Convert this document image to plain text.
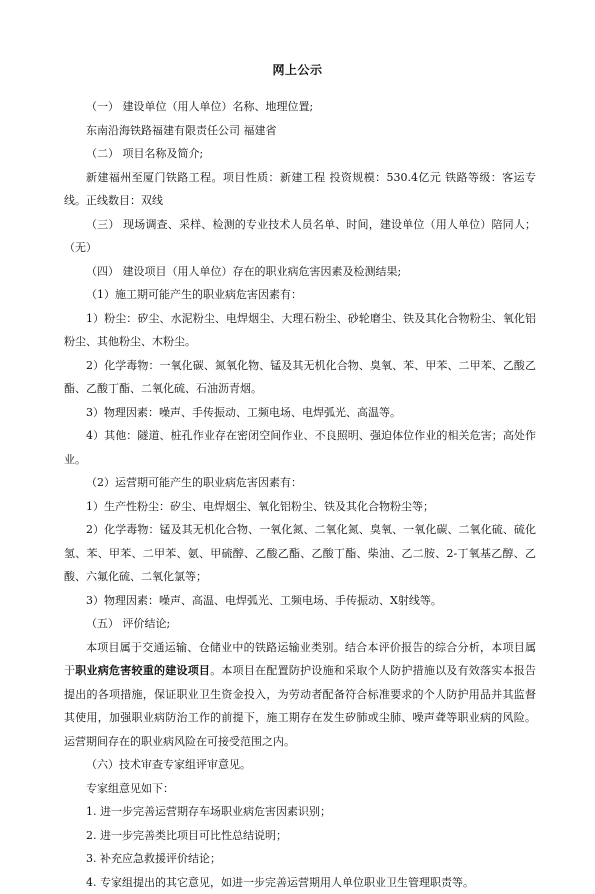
网上公示

（一） 建设单位（用人单位）名称、地理位置;

东南沿海铁路福建有限责任公司 福建省

（二） 项目名称及简介;

新建福州至厦门铁路工程。项目性质：新建工程 投资规模：530.4亿元 铁路等级：客运专线。正线数目：双线

（三） 现场调查、采样、检测的专业技术人员名单、时间，建设单位（用人单位）陪同人；（无）

（四） 建设项目（用人单位）存在的职业病危害因素及检测结果;

（1）施工期可能产生的职业病危害因素有：

1）粉尘：矽尘、水泥粉尘、电焊烟尘、大理石粉尘、砂轮磨尘、铁及其化合物粉尘、氧化铝粉尘、其他粉尘、木粉尘。

2）化学毒物：一氧化碳、氮氧化物、锰及其无机化合物、臭氧、苯、甲苯、二甲苯、乙酸乙酯、乙酸丁酯、二氧化硫、石油沥青烟。

3）物理因素：噪声、手传振动、工频电场、电焊弧光、高温等。

4）其他：隧道、桩孔作业存在密闭空间作业、不良照明、强迫体位作业的相关危害；高处作业。

（2）运营期可能产生的职业病危害因素有：

1）生产性粉尘：矽尘、电焊烟尘、氧化铝粉尘、铁及其化合物粉尘等；

2）化学毒物：锰及其无机化合物、一氧化氮、二氧化氮、臭氧、一氧化碳、二氧化硫、硫化氢、苯、甲苯、二甲苯、氨、甲硫醇、乙酸乙酯、乙酸丁酯、柴油、乙二胺、2-丁氧基乙醇、乙酸、六氟化硫、二氧化氯等；

3）物理因素：噪声、高温、电焊弧光、工频电场、手传振动、X射线等。

（五） 评价结论;

本项目属于交通运输、仓储业中的铁路运输业类别。结合本评价报告的综合分析，本项目属于职业病危害较重的建设项目。本项目在配置防护设施和采取个人防护措施以及有效落实本报告提出的各项措施，保证职业卫生资金投入，为劳动者配备符合标准要求的个人防护用品并其监督其使用，加强职业病防治工作的前提下，施工期存在发生矽肺或尘肺、噪声聋等职业病的风险。运营期间存在的职业病风险在可接受范围之内。

（六）技术审查专家组评审意见。

专家组意见如下：

1. 进一步完善运营期存车场职业病危害因素识别；

2. 进一步完善类比项目可比性总结说明；

3. 补充应急救援评价结论；

4. 专家组提出的其它意见，如进一步完善运营期用人单位职业卫生管理职责等。
